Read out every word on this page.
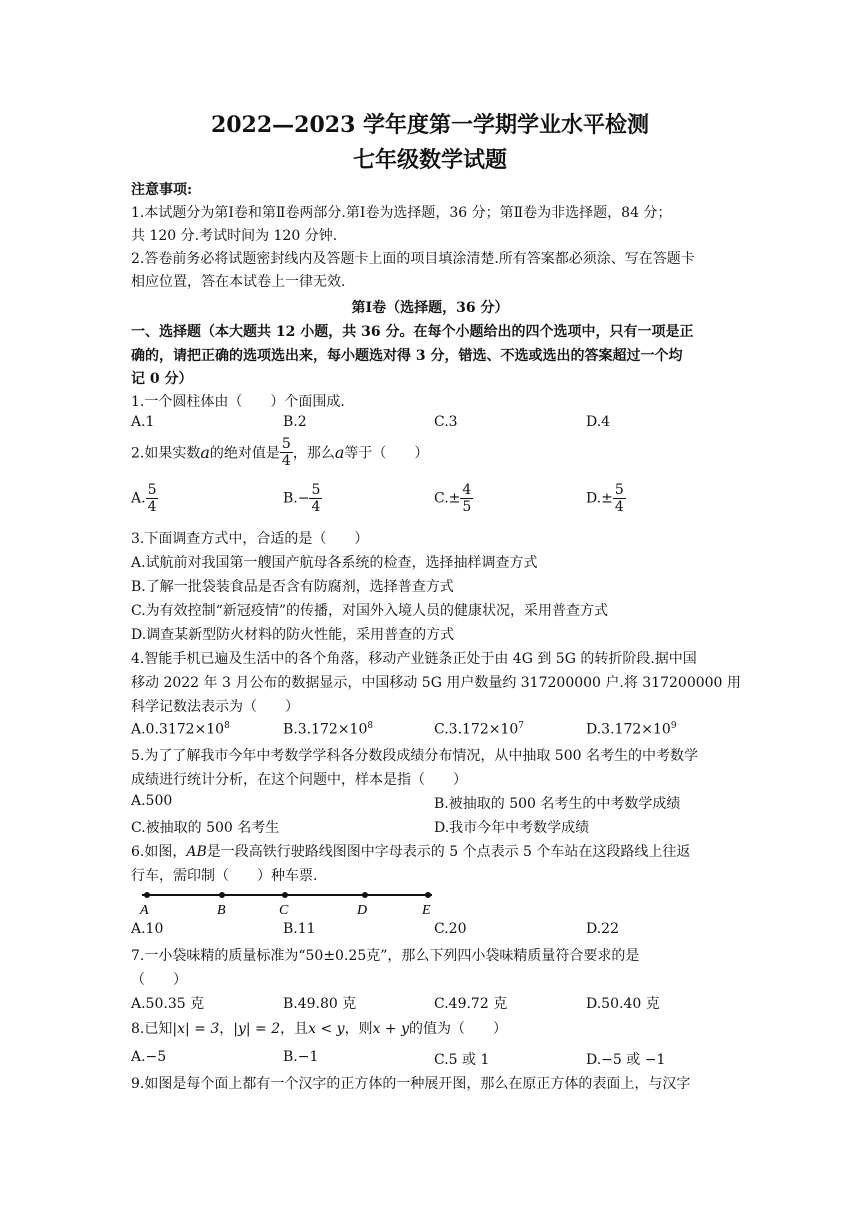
2022—2023 学年度第一学期学业水平检测
七年级数学试题
注意事项:
1.本试题分为第Ⅰ卷和第Ⅱ卷两部分.第Ⅰ卷为选择题，36 分；第Ⅱ卷为非选择题，84 分；
共 120 分.考试时间为 120 分钟.
2.答卷前务必将试题密封线内及答题卡上面的项目填涂清楚.所有答案都必须涂、写在答题卡
相应位置，答在本试卷上一律无效.
第Ⅰ卷（选择题，36 分）
一、选择题（本大题共 12 小题，共 36 分。在每个小题给出的四个选项中，只有一项是正
确的，请把正确的选项选出来，每小题选对得 3 分，错选、不选或选出的答案超过一个均
记 0 分）
1.一个圆柱体由（　　）个面围成.
A.1	B.2	C.3	D.4
2.如果实数a的绝对值是 $\frac{5}{4}$ ，那么a等于（　　）
A. $\frac{5}{4}$	$B.- \frac{5}{4}$	$C.\pm \frac{4}{5}$	$D.\pm \frac{5}{4}$
3.下面调查方式中，合适的是（　　）
A.试航前对我国第一艘国产航母各系统的检查，选择抽样调查方式
B.了解一批袋装食品是否含有防腐剂，选择普查方式
C.为有效控制“新冠疫情”的传播，对国外入境人员的健康状况，采用普查方式
D.调查某新型防火材料的防火性能，采用普查的方式
4.智能手机已遍及生活中的各个角落，移动产业链条正处于由 4G 到 5G 的转折阶段.据中国
移动 2022 年 3 月公布的数据显示，中国移动 5G 用户数量约 317200000 户.将 317200000 用
科学记数法表示为（　　）
$A.0.3172\times 10^8$	$B.3.172\times 10^8$	$C.3.172\times 10^7$	$D.3.172\times 10^9$
5.为了了解我市今年中考数学学科各分数段成绩分布情况，从中抽取 500 名考生的中考数学
成绩进行统计分析，在这个问题中，样本是指（　　）
A.500	B.被抽取的 500 名考生的中考数学成绩
C.被抽取的 500 名考生	D.我市今年中考数学成绩
6.如图，AB是一段高铁行驶路线图图中字母表示的 5 个点表示 5 个车站在这段路线上往返
行车，需印制（　　）种车票.
A	B	C	D	E
A.10	B.11	C.20	D.22
7.一小袋味精的质量标准为“50±0.25克”，那么下列四小袋味精质量符合要求的是
（　　）
A.50.35 克	B.49.80 克	C.49.72 克	D.50.40 克
8.已知|x| = 3，|y| = 2，且x < y，则x + y的值为（　　）
A.−5	B.−1	C.5 或 1	D.−5 或 −1
9.如图是每个面上都有一个汉字的正方体的一种展开图，那么在原正方体的表面上，与汉字
